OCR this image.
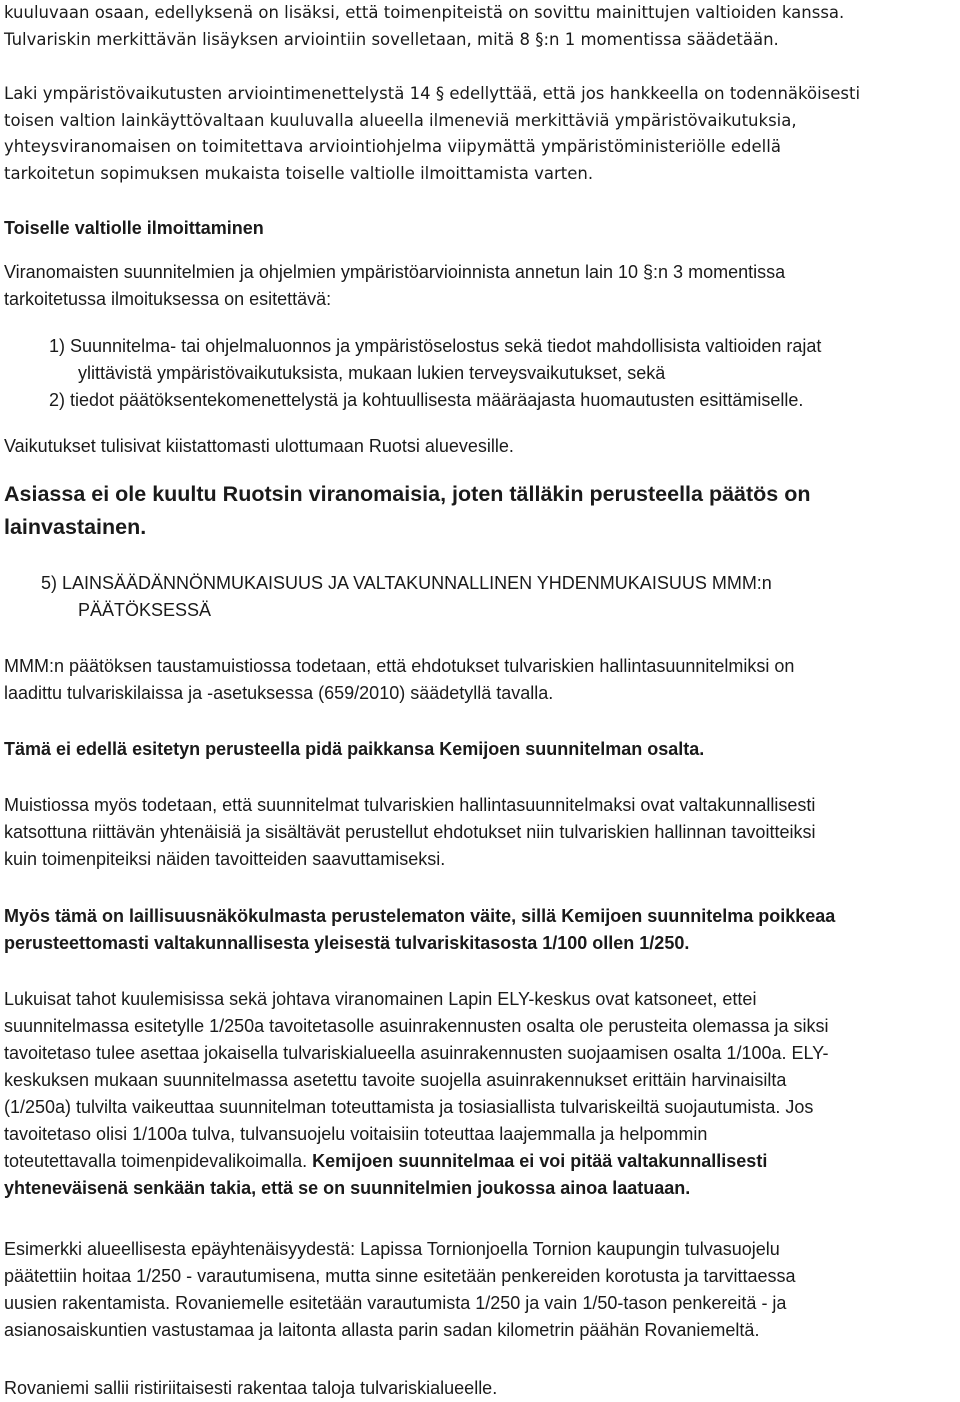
kuuluvaan osaan, edellyksenä on lisäksi, että toimenpiteistä on sovittu mainittujen valtioiden kanssa.

Tulvariskin merkittävän lisäyksen arviointiin sovelletaan, mitä 8 §:n 1 momentissa säädetään.

Laki ympäristövaikutusten arviointimenettelystä 14 § edellyttää, että jos hankkeella on todennäköisesti

toisen valtion lainkäyttövaltaan kuuluvalla alueella ilmeneviä merkittäviä ympäristövaikutuksia,

yhteysviranomaisen on toimitettava arviointiohjelma viipymättä ympäristöministeriölle edellä

tarkoitetun sopimuksen mukaista toiselle valtiolle ilmoittamista varten.

Toiselle valtiolle ilmoittaminen

Viranomaisten suunnitelmien ja ohjelmien ympäristöarvioinnista annetun lain 10 §:n 3 momentissa

tarkoitetussa ilmoituksessa on esitettävä:

1) Suunnitelma- tai ohjelmaluonnos ja ympäristöselostus sekä tiedot mahdollisista valtioiden rajat

ylittävistä ympäristövaikutuksista, mukaan lukien terveysvaikutukset, sekä

2) tiedot päätöksentekomenettelystä ja kohtuullisesta määräajasta huomautusten esittämiselle.

Vaikutukset tulisivat kiistattomasti ulottumaan Ruotsi aluevesille.

Asiassa ei ole kuultu Ruotsin viranomaisia, joten tälläkin perusteella päätös on

lainvastainen.

5) LAINSÄÄDÄNNÖNMUKAISUUS JA VALTAKUNNALLINEN YHDENMUKAISUUS MMM:n

PÄÄTÖKSESSÄ

MMM:n päätöksen taustamuistiossa todetaan, että ehdotukset tulvariskien hallintasuunnitelmiksi on

laadittu tulvariskilaissa ja -asetuksessa (659/2010) säädetyllä tavalla.

Tämä ei edellä esitetyn perusteella pidä paikkansa Kemijoen suunnitelman osalta.

Muistiossa myös todetaan, että suunnitelmat tulvariskien hallintasuunnitelmaksi ovat valtakunnallisesti

katsottuna riittävän yhtenäisiä ja sisältävät perustellut ehdotukset niin tulvariskien hallinnan tavoitteiksi

kuin toimenpiteiksi näiden tavoitteiden saavuttamiseksi.

Myös tämä on laillisuusnäkökulmasta perustelematon väite, sillä Kemijoen suunnitelma poikkeaa

perusteettomasti valtakunnallisesta yleisestä tulvariskitasosta 1/100 ollen 1/250.

Lukuisat tahot kuulemisissa sekä johtava viranomainen Lapin ELY-keskus ovat katsoneet, ettei

suunnitelmassa esitetylle 1/250a tavoitetasolle asuinrakennusten osalta ole perusteita olemassa ja siksi

tavoitetaso tulee asettaa jokaisella tulvariskialueella asuinrakennusten suojaamisen osalta 1/100a. ELY-

keskuksen mukaan suunnitelmassa asetettu tavoite suojella asuinrakennukset erittäin harvinaisilta

(1/250a) tulvilta vaikeuttaa suunnitelman toteuttamista ja tosiasiallista tulvariskeiltä suojautumista. Jos

tavoitetaso olisi 1/100a tulva, tulvansuojelu voitaisiin toteuttaa laajemmalla ja helpommin

toteutettavalla toimenpidevalikoimalla. Kemijoen suunnitelmaa ei voi pitää valtakunnallisesti

yhteneväisenä senkään takia, että se on suunnitelmien joukossa ainoa laatuaan.

Esimerkki alueellisesta epäyhtenäisyydestä: Lapissa Tornionjoella Tornion kaupungin tulvasuojelu

päätettiin hoitaa 1/250 - varautumisena, mutta sinne esitetään penkereiden korotusta ja tarvittaessa

uusien rakentamista. Rovaniemelle esitetään varautumista 1/250 ja vain 1/50-tason penkereitä - ja

asianosaiskuntien vastustamaa ja laitonta allasta parin sadan kilometrin päähän Rovaniemeltä.

Rovaniemi sallii ristiriitaisesti rakentaa taloja tulvariskialueelle.
